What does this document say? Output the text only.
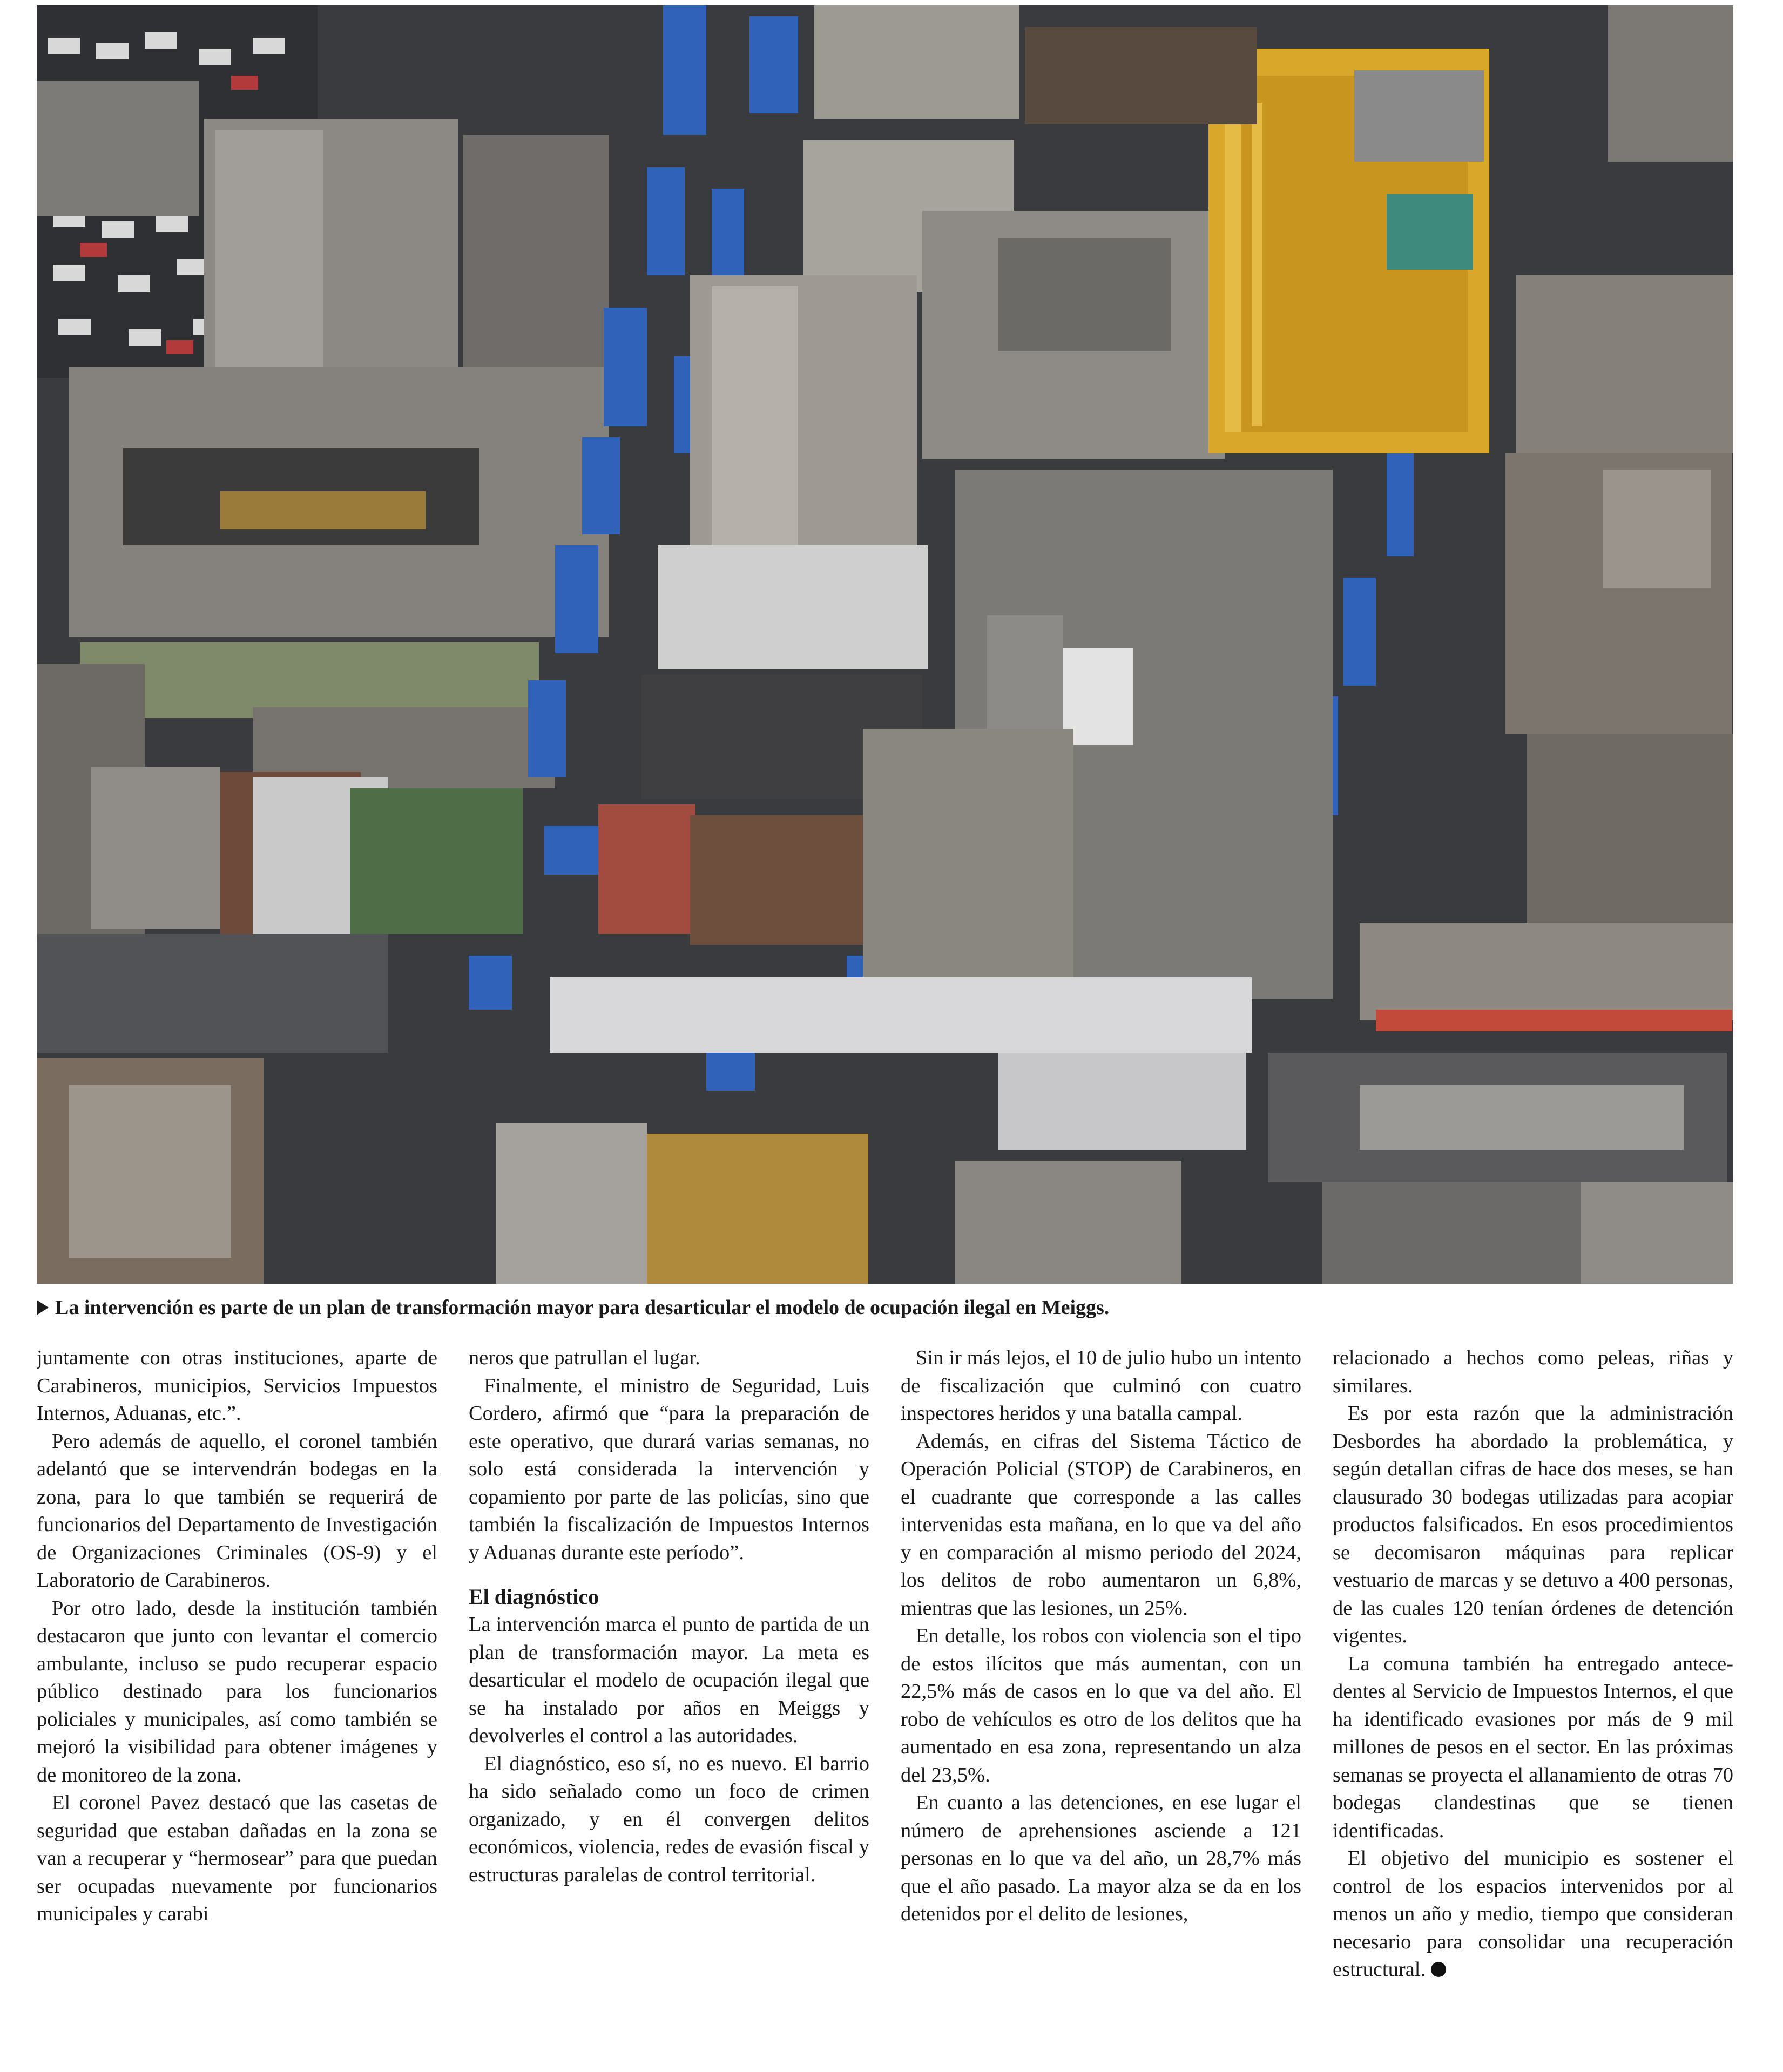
La intervención es parte de un plan de transformación mayor para desarticular el modelo de ocupación ilegal en Meiggs.

juntamente con otras instituciones, aparte de Carabineros, municipios, Servicios Impuestos Internos, Aduanas, etc.”.

Pero además de aquello, el coronel también adelantó que se intervendrán bodegas en la zona, para lo que también se requerirá de funcionarios del Departamento de Investigación de Organizaciones Criminales (OS-9) y el Laboratorio de Carabineros.

Por otro lado, desde la institución también destacaron que junto con levantar el comercio ambulante, incluso se pudo recuperar espacio público destinado para los funcionarios policiales y municipales, así como también se mejoró la visibilidad para obtener imágenes y de monitoreo de la zona.

El coronel Pavez destacó que las casetas de seguridad que estaban dañadas en la zona se van a recuperar y “hermosear” para que puedan ser ocupadas nuevamente por funcionarios municipales y carabi

neros que patrullan el lugar.

Finalmente, el ministro de Seguridad, Luis Cordero, afirmó que “para la preparación de este operativo, que durará varias semanas, no solo está considerada la intervención y copamiento por parte de las policías, sino que también la fiscalización de Impuestos Internos y Aduanas durante este período”.

El diagnóstico

La intervención marca el punto de partida de un plan de transformación mayor. La meta es desarticular el modelo de ocupación ilegal que se ha instalado por años en Meiggs y devolverles el control a las autoridades.

El diagnóstico, eso sí, no es nuevo. El barrio ha sido señalado como un foco de crimen organizado, y en él convergen delitos económicos, violencia, redes de evasión fiscal y estructuras paralelas de control territorial.

Sin ir más lejos, el 10 de julio hubo un intento de fiscalización que culminó con cuatro inspectores heridos y una batalla campal.

Además, en cifras del Sistema Táctico de Operación Policial (STOP) de Carabineros, en el cuadrante que corresponde a las calles intervenidas esta mañana, en lo que va del año y en comparación al mismo periodo del 2024, los delitos de robo aumentaron un 6,8%, mientras que las lesiones, un 25%.

En detalle, los robos con violencia son el tipo de estos ilícitos que más aumentan, con un 22,5% más de casos en lo que va del año. El robo de vehículos es otro de los delitos que ha aumentado en esa zona, representando un alza del 23,5%.

En cuanto a las detenciones, en ese lugar el número de aprehensiones asciende a 121 personas en lo que va del año, un 28,7% más que el año pasado. La mayor alza se da en los detenidos por el delito de lesiones,

relacionado a hechos como peleas, riñas y similares.

Es por esta razón que la administración Desbordes ha abordado la problemática, y según detallan cifras de hace dos meses, se han clausurado 30 bodegas utilizadas para acopiar productos falsificados. En esos procedimientos se decomisaron máquinas para replicar vestuario de marcas y se detuvo a 400 personas, de las cuales 120 tenían órdenes de detención vigentes.

La comuna también ha entregado antecedentes al Servicio de Impuestos Internos, el que ha identificado evasiones por más de 9 mil millones de pesos en el sector. En las próximas semanas se proyecta el allanamiento de otras 70 bodegas clandestinas que se tienen identificadas.

El objetivo del municipio es sostener el control de los espacios intervenidos por al menos un año y medio, tiempo que consideran necesario para consolidar una recuperación estructural.
